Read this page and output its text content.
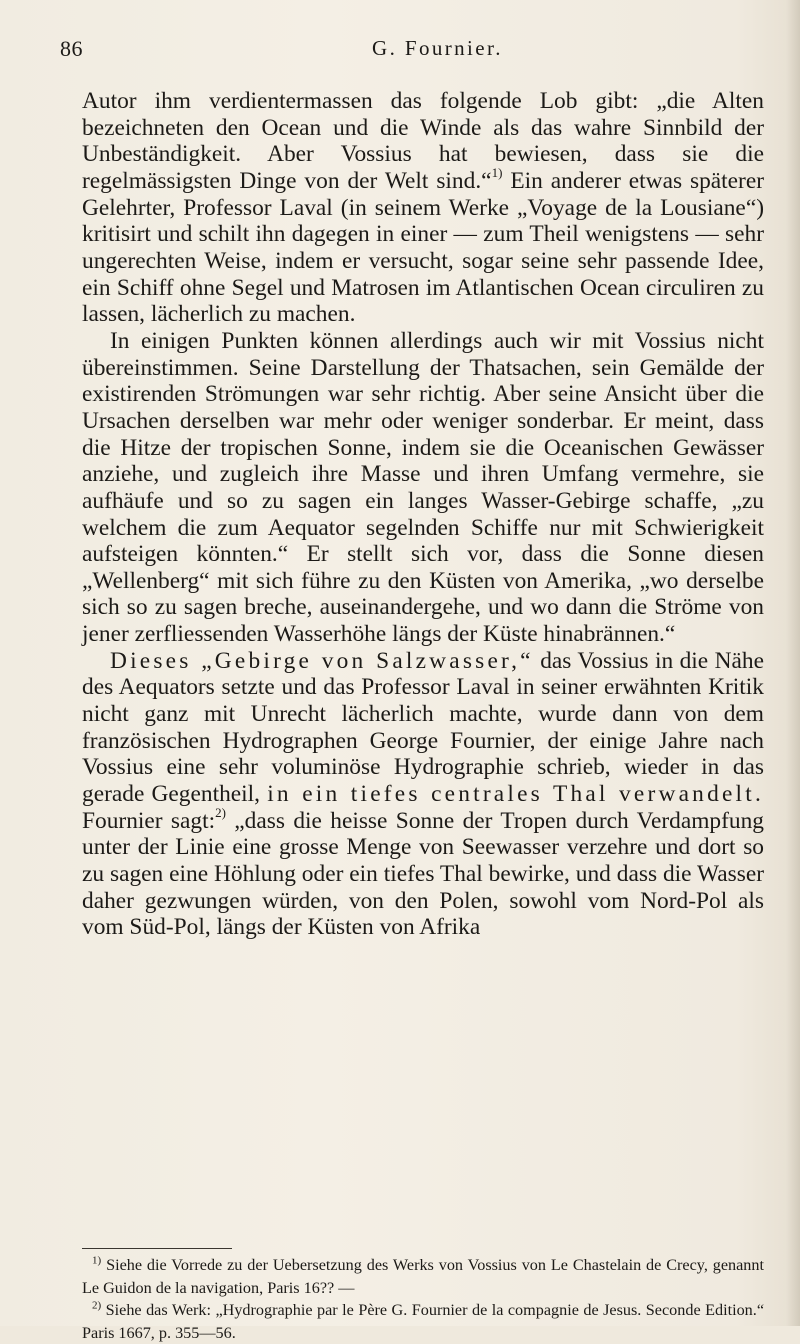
86	G. Fournier.

Autor ihm verdientermassen das folgende Lob gibt: „die Alten bezeichneten den Ocean und die Winde als das wahre Sinnbild der Unbeständigkeit. Aber Vossius hat bewiesen, dass sie die regelmässigsten Dinge von der Welt sind.“$^{1)}$ Ein anderer etwas späterer Gelehrter, Professor Laval (in seinem Werke „Voyage de la Lousiane“) kritisirt und schilt ihn dagegen in einer — zum Theil wenigstens — sehr ungerechten Weise, indem er versucht, sogar seine sehr passende Idee, ein Schiff ohne Segel und Matrosen im Atlantischen Ocean circuliren zu lassen, lächerlich zu machen.

In einigen Punkten können allerdings auch wir mit Vossius nicht übereinstimmen. Seine Darstellung der Thatsachen, sein Gemälde der existirenden Strömungen war sehr richtig. Aber seine Ansicht über die Ursachen derselben war mehr oder weniger sonderbar. Er meint, dass die Hitze der tropischen Sonne, indem sie die Oceanischen Gewässer anziehe, und zugleich ihre Masse und ihren Umfang vermehre, sie aufhäufe und so zu sagen ein langes Wasser-Gebirge schaffe, „zu welchem die zum Aequator segelnden Schiffe nur mit Schwierigkeit aufsteigen könnten.“ Er stellt sich vor, dass die Sonne diesen „Wellenberg“ mit sich führe zu den Küsten von Amerika, „wo derselbe sich so zu sagen breche, auseinandergehe, und wo dann die Ströme von jener zerfliessenden Wasserhöhe längs der Küste hinabrännen.“

Dieses „Gebirge von Salzwasser,“ das Vossius in die Nähe des Aequators setzte und das Professor Laval in seiner erwähnten Kritik nicht ganz mit Unrecht lächerlich machte, wurde dann von dem französischen Hydrographen George Fournier, der einige Jahre nach Vossius eine sehr voluminöse Hydrographie schrieb, wieder in das gerade Gegentheil, in ein tiefes centrales Thal verwandelt. Fournier sagt:$^{2)}$ „dass die heisse Sonne der Tropen durch Verdampfung unter der Linie eine grosse Menge von Seewasser verzehre und dort so zu sagen eine Höhlung oder ein tiefes Thal bewirke, und dass die Wasser daher gezwungen würden, von den Polen, sowohl vom Nord-Pol als vom Süd-Pol, längs der Küsten von Afrika

$^{1)}$ Siehe die Vorrede zu der Uebersetzung des Werks von Vossius von Le Chastelain de Crecy, genannt Le Guidon de la navigation, Paris 16?? —

$^{2)}$ Siehe das Werk: „Hydrographie par le Père G. Fournier de la compagnie de Jesus. Seconde Edition.“ Paris 1667, p. 355—56.
